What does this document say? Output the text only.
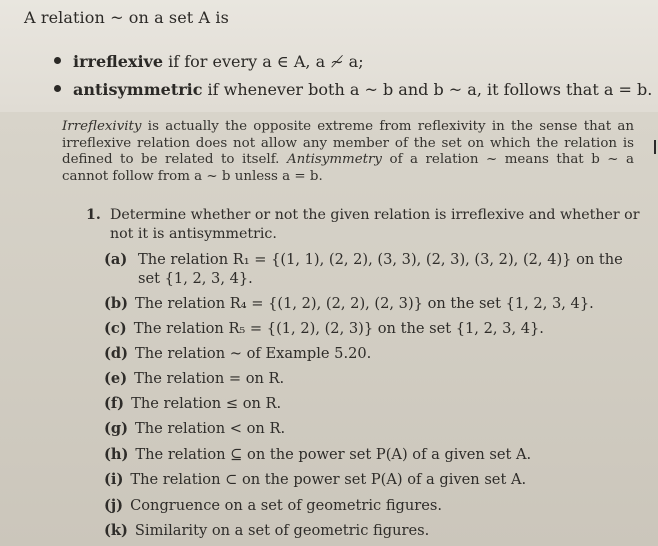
A relation ~ on a set A is
irreflexive if for every a ∈ A, a ≁ a;
antisymmetric if whenever both a ~ b and b ~ a, it follows that a = b.
Irreflexivity is actually the opposite extreme from reflexivity in the sense that an irreflexive relation does not allow any member of the set on which the relation is defined to be related to itself. Antisymmetry of a relation ~ means that b ~ a cannot follow from a ~ b unless a = b.
1. Determine whether or not the given relation is irreflexive and whether or not it is antisymmetric.
(a) The relation R₁ = {(1, 1), (2, 2), (3, 3), (2, 3), (3, 2), (2, 4)} on the set {1, 2, 3, 4}.
(b) The relation R₄ = {(1, 2), (2, 2), (2, 3)} on the set {1, 2, 3, 4}.
(c) The relation R₅ = {(1, 2), (2, 3)} on the set {1, 2, 3, 4}.
(d) The relation ~ of Example 5.20.
(e) The relation = on R.
(f) The relation ≤ on R.
(g) The relation < on R.
(h) The relation ⊆ on the power set P(A) of a given set A.
(i) The relation ⊂ on the power set P(A) of a given set A.
(j) Congruence on a set of geometric figures.
(k) Similarity on a set of geometric figures.
